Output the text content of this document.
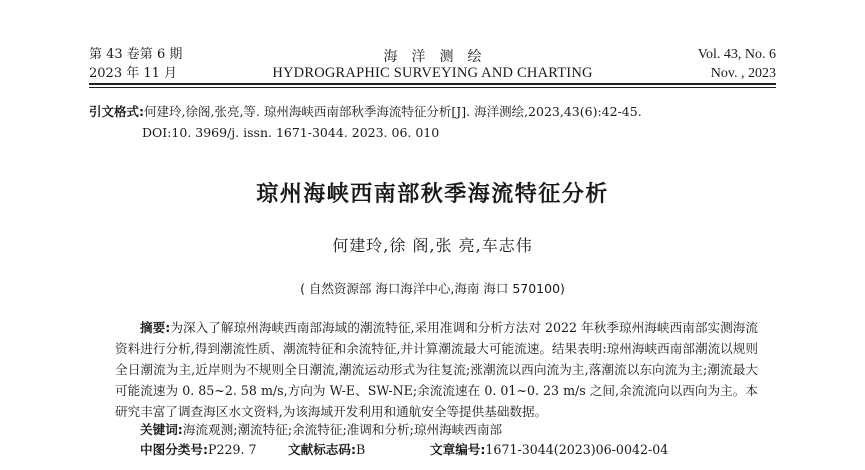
第 43 卷第 6 期
2023 年 11 月
海洋测绘
HYDROGRAPHIC SURVEYING AND CHARTING
Vol. 43, No. 6
Nov. , 2023
引文格式:何建玲,徐阁,张亮,等. 琼州海峡西南部秋季海流特征分析[J]. 海洋测绘,2023,43(6):42-45.
DOI:10. 3969/j. issn. 1671-3044. 2023. 06. 010
琼州海峡西南部秋季海流特征分析
何建玲,徐 阁,张 亮,车志伟
( 自然资源部 海口海洋中心,海南 海口 570100)
摘要:为深入了解琼州海峡西南部海域的潮流特征,采用准调和分析方法对 2022 年秋季琼州海峡西南部实测海流资料进行分析,得到潮流性质、潮流特征和余流特征,并计算潮流最大可能流速。结果表明:琼州海峡西南部潮流以规则全日潮流为主,近岸则为不规则全日潮流,潮流运动形式为往复流;涨潮流以西向流为主,落潮流以东向流为主;潮流最大可能流速为 0. 85~2. 58 m/s,方向为 W-E、SW-NE;余流流速在 0. 01~0. 23 m/s 之间,余流流向以西向为主。本研究丰富了调查海区水文资料,为该海域开发利用和通航安全等提供基础数据。
关键词:海流观测;潮流特征;余流特征;准调和分析;琼州海峡西南部
中图分类号:P229. 7 文献标志码:B	文章编号:1671-3044(2023)06-0042-04
